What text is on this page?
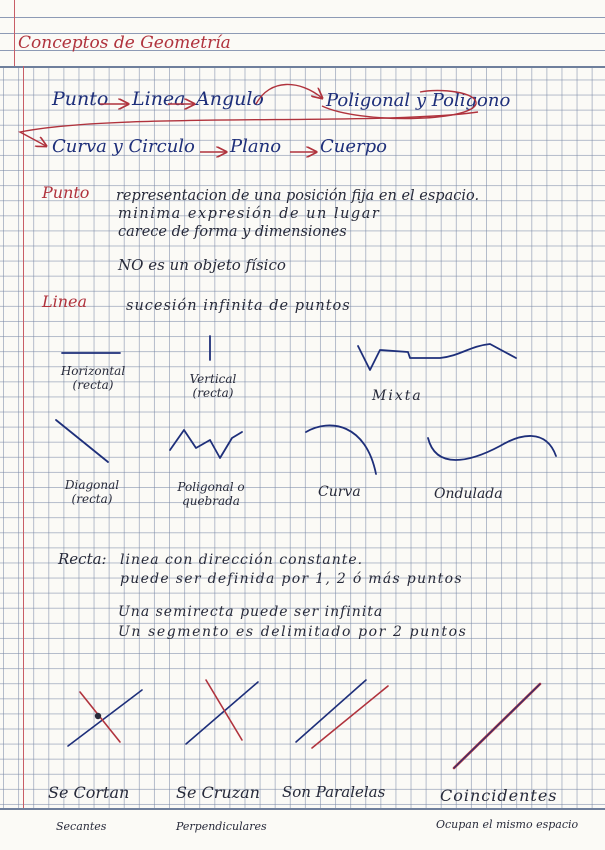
Conceptos de Geometría
Punto Linea Angulo	Poligonal y Poligono
Curva y Circulo Plano Cuerpo
Punto representacion de una posición fija en el espacio.
minima expresión de un lugar
carece de forma y dimensiones
NO es un objeto físico
Linea	sucesión infinita de puntos
Horizontal
(recta)	Vertical
(recta)	Mixta
Diagonal
(recta)
Poligonal o
quebrada
Curva	Ondulada
Recta: linea con dirección constante.
puede ser definida por 1, 2 ó más puntos
Una semirecta puede ser infinita
Un segmento es delimitado por 2 puntos
Se Cortan
Secantes
Se Cruzan
Perpendiculares
Son Paralelas	Coincidentes
Ocupan el mismo espacio
